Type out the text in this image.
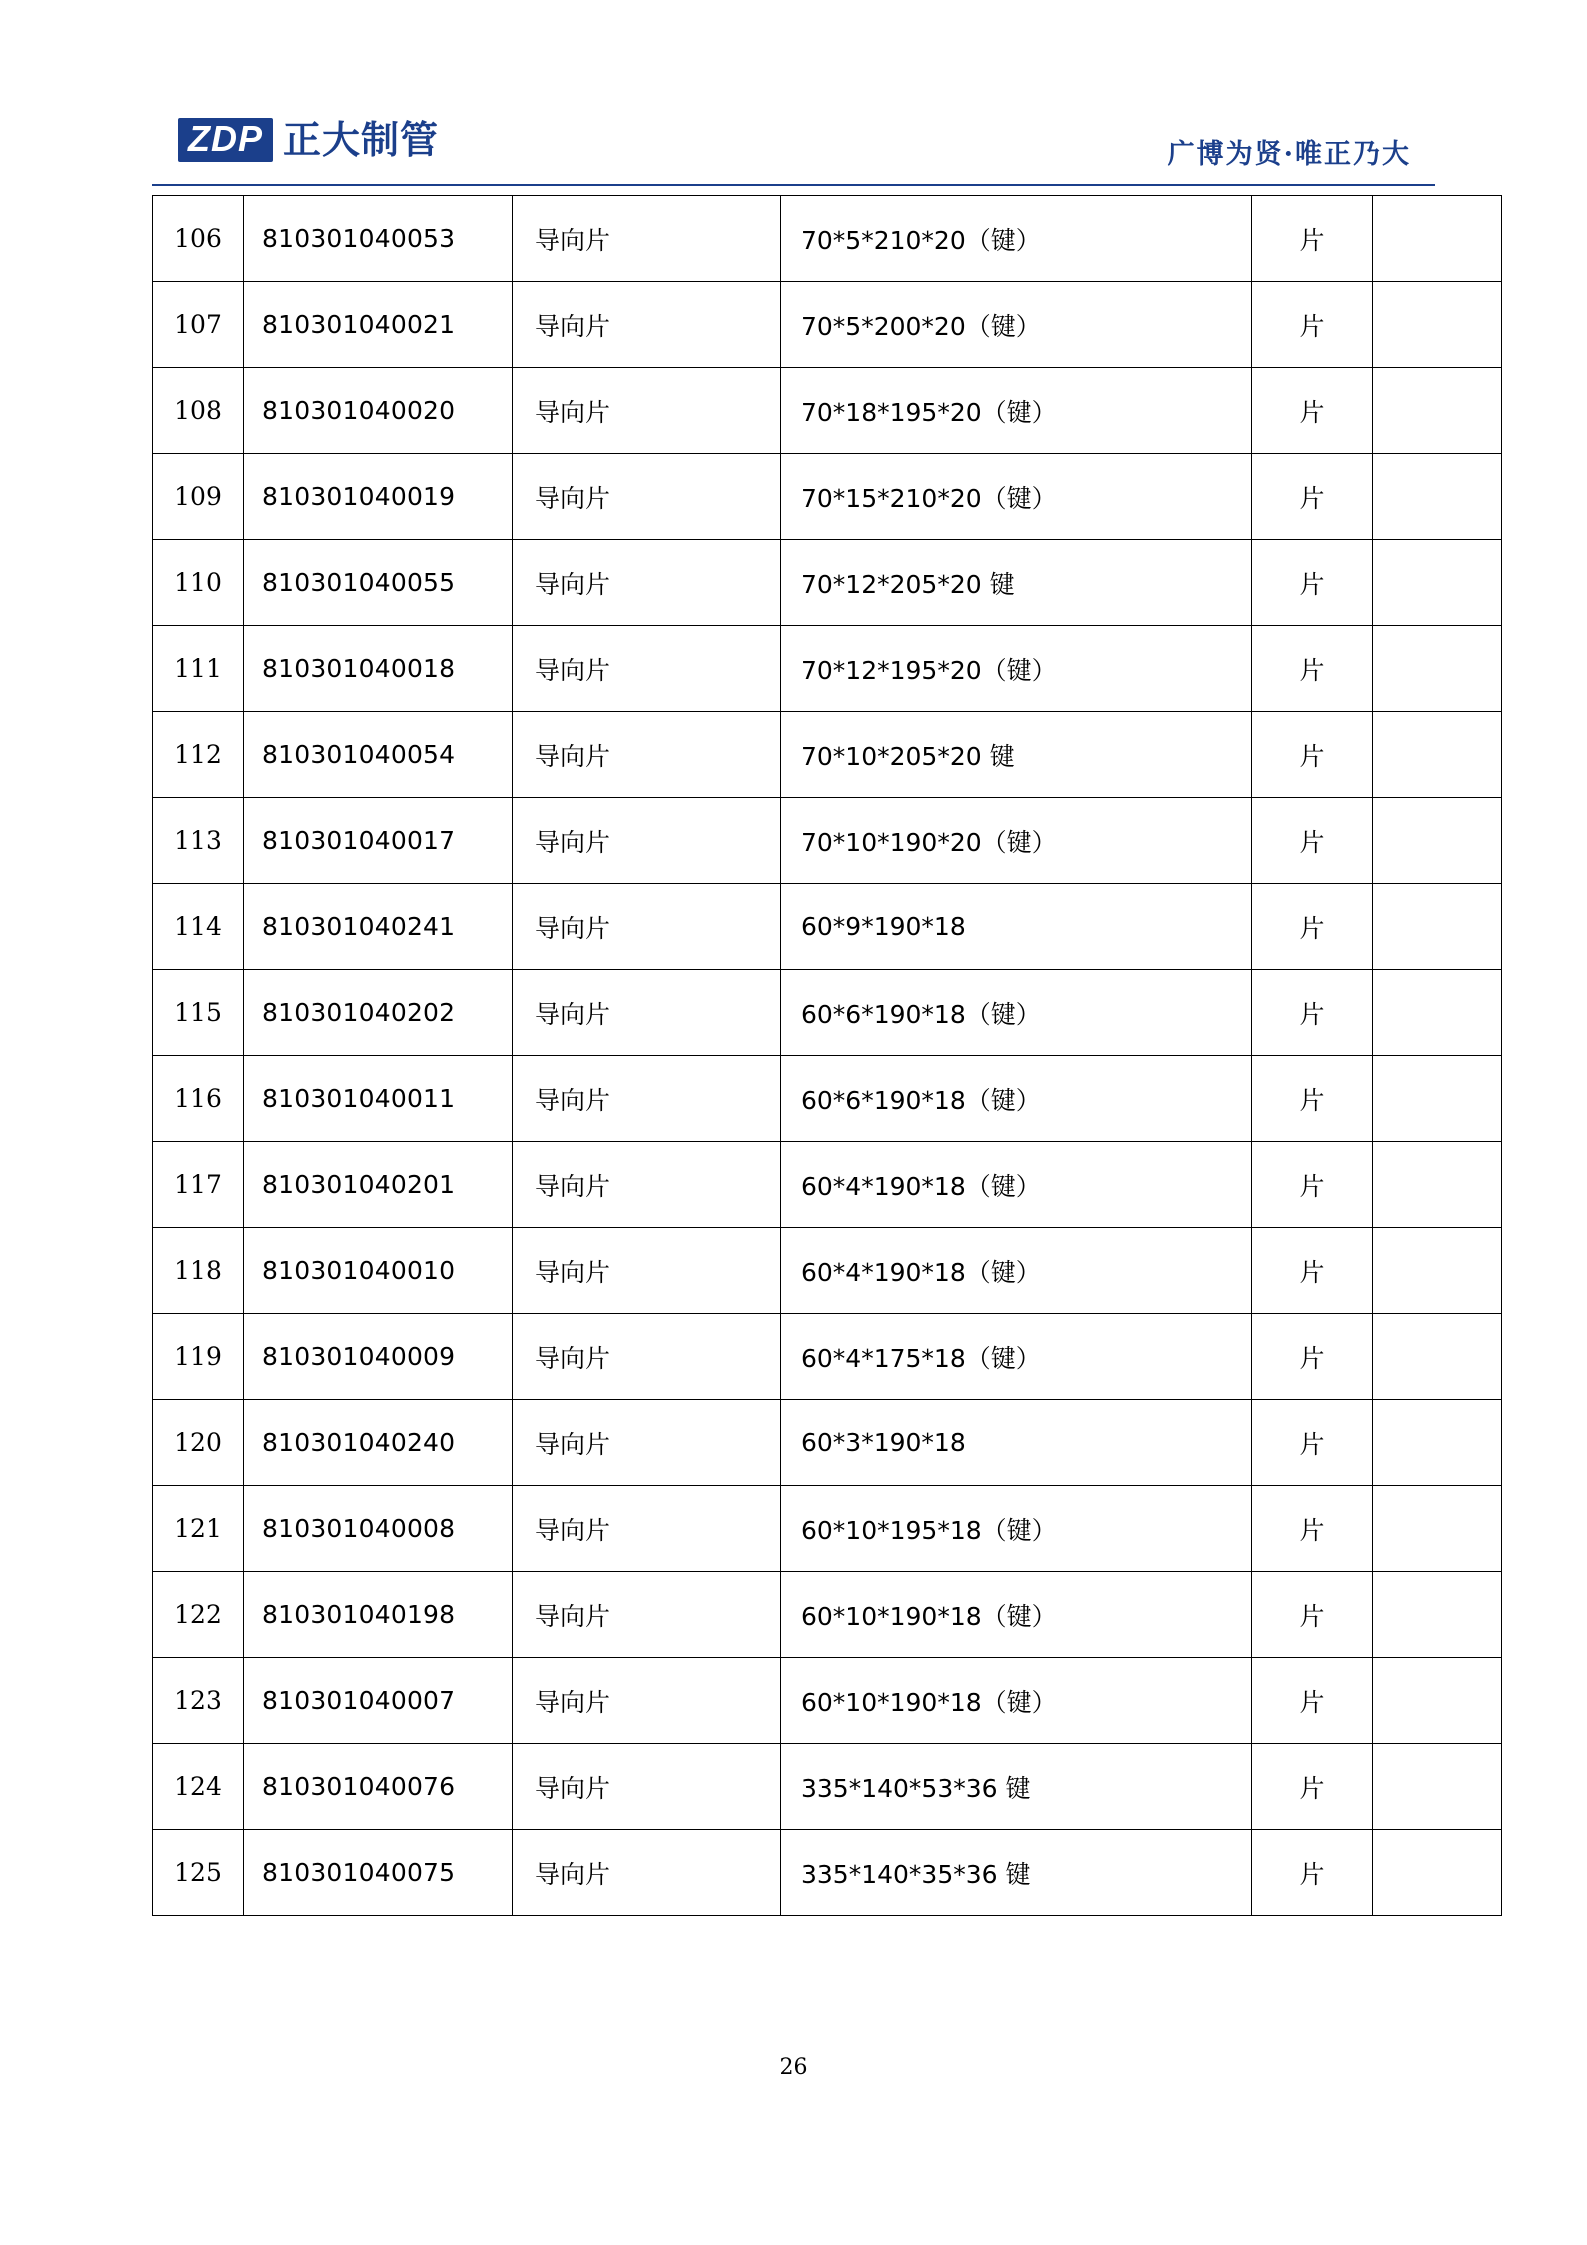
ZDP 正大制管	广博为贤·唯正乃大
106	810301040053	导向片	70*5*210*20（键）	片	
107	810301040021	导向片	70*5*200*20（键）	片	
108	810301040020	导向片	70*18*195*20（键）	片	
109	810301040019	导向片	70*15*210*20（键）	片	
110	810301040055	导向片	70*12*205*20 键	片	
111	810301040018	导向片	70*12*195*20（键）	片	
112	810301040054	导向片	70*10*205*20 键	片	
113	810301040017	导向片	70*10*190*20（键）	片	
114	810301040241	导向片	60*9*190*18	片	
115	810301040202	导向片	60*6*190*18（键）	片	
116	810301040011	导向片	60*6*190*18（键）	片	
117	810301040201	导向片	60*4*190*18（键）	片	
118	810301040010	导向片	60*4*190*18（键）	片	
119	810301040009	导向片	60*4*175*18（键）	片	
120	810301040240	导向片	60*3*190*18	片	
121	810301040008	导向片	60*10*195*18（键）	片	
122	810301040198	导向片	60*10*190*18（键）	片	
123	810301040007	导向片	60*10*190*18（键）	片	
124	810301040076	导向片	335*140*53*36 键	片	
125	810301040075	导向片	335*140*35*36 键	片	
26
